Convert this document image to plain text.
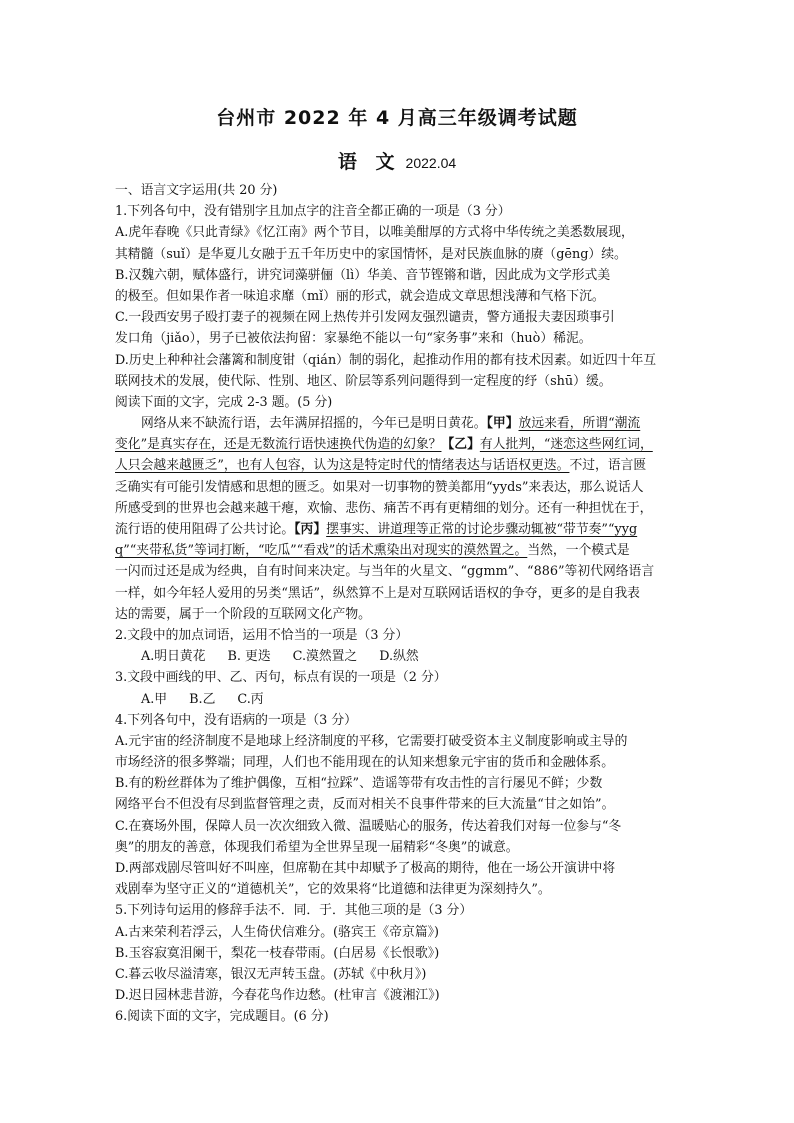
台州市 2022 年 4 月高三年级调考试题
语 文 2022.04
一、语言文字运用(共 20 分)
1.下列各句中，没有错别字且加点字的注音全都正确的一项是（3 分）
A.虎年春晚《只此青绿》《忆江南》两个节目，以唯美酣厚的方式将中华传统之美悉数展现，
其精髓（suǐ）是华夏儿女融于五千年历史中的家国情怀，是对民族血脉的赓（gēng）续。
B.汉魏六朝，赋体盛行，讲究词藻骈俪（lì）华美、音节铿锵和谐，因此成为文学形式美
的极至。但如果作者一味追求靡（mǐ）丽的形式，就会造成文章思想浅薄和气格下沉。
C.一段西安男子殴打妻子的视频在网上热传并引发网友强烈谴责，警方通报夫妻因琐事引
发口角（jiǎo），男子已被依法拘留：家暴绝不能以一句“家务事”来和（huò）稀泥。
D.历史上种种社会藩篱和制度钳（qián）制的弱化，起推动作用的都有技术因素。如近四十年互
联网技术的发展，使代际、性别、地区、阶层等系列问题得到一定程度的纾（shū）缓。
阅读下面的文字，完成 2-3 题。(5 分)
网络从来不缺流行语，去年满屏招摇的，今年已是明日黄花。【甲】放远来看，所谓“潮流
变化”是真实存在，还是无数流行语快速换代伪造的幻象？【乙】有人批判，“迷恋这些网红词，
人只会越来越匮乏”，也有人包容，认为这是特定时代的情绪表达与话语权更迭。不过，语言匮
乏确实有可能引发情感和思想的匮乏。如果对一切事物的赞美都用“yyds”来表达，那么说话人
所感受到的世界也会越来越干瘪，欢愉、悲伤、痛苦不再有更精细的划分。还有一种担忧在于，
流行语的使用阻碍了公共讨论。【丙】摆事实、讲道理等正常的讨论步骤动辄被“带节奏”“yyg
q”“夹带私货”等词打断，“吃瓜”“看戏”的话术熏染出对现实的漠然置之。当然，一个模式是
一闪而过还是成为经典，自有时间来决定。与当年的火星文、“ggmm”、“886”等初代网络语言
一样，如今年轻人爱用的另类“黑话”，纵然算不上是对互联网话语权的争夺，更多的是自我表
达的需要，属于一个阶段的互联网文化产物。
2.文段中的加点词语，运用不恰当的一项是（3 分）
A.明日黄花 B. 更迭 C.漠然置之 D.纵然
3.文段中画线的甲、乙、丙句，标点有误的一项是（2 分）
A.甲 B.乙 C.丙
4.下列各句中，没有语病的一项是（3 分）
A.元宇宙的经济制度不是地球上经济制度的平移，它需要打破受资本主义制度影响或主导的
市场经济的很多弊端；同理，人们也不能用现在的认知来想象元宇宙的货币和金融体系。
B.有的粉丝群体为了维护偶像，互相“拉踩”、造谣等带有攻击性的言行屡见不鲜；少数
网络平台不但没有尽到监督管理之责，反而对相关不良事件带来的巨大流量“甘之如饴”。
C.在赛场外围，保障人员一次次细致入微、温暖贴心的服务，传达着我们对每一位参与“冬
奥”的朋友的善意，体现我们希望为全世界呈现一届精彩“冬奥”的诚意。
D.两部戏剧尽管叫好不叫座，但席勒在其中却赋予了极高的期待，他在一场公开演讲中将
戏剧奉为坚守正义的“道德机关”，它的效果将“比道德和法律更为深刻持久”。
5.下列诗句运用的修辞手法不．同．于．其他三项的是（3 分）
A.古来荣利若浮云，人生倚伏信难分。(骆宾王《帝京篇》)
B.玉容寂寞泪阑干，梨花一枝春带雨。(白居易《长恨歌》)
C.暮云收尽溢清寒，银汉无声转玉盘。(苏轼《中秋月》)
D.迟日园林悲昔游，今春花鸟作边愁。(杜审言《渡湘江》)
6.阅读下面的文字，完成题目。(6 分)
